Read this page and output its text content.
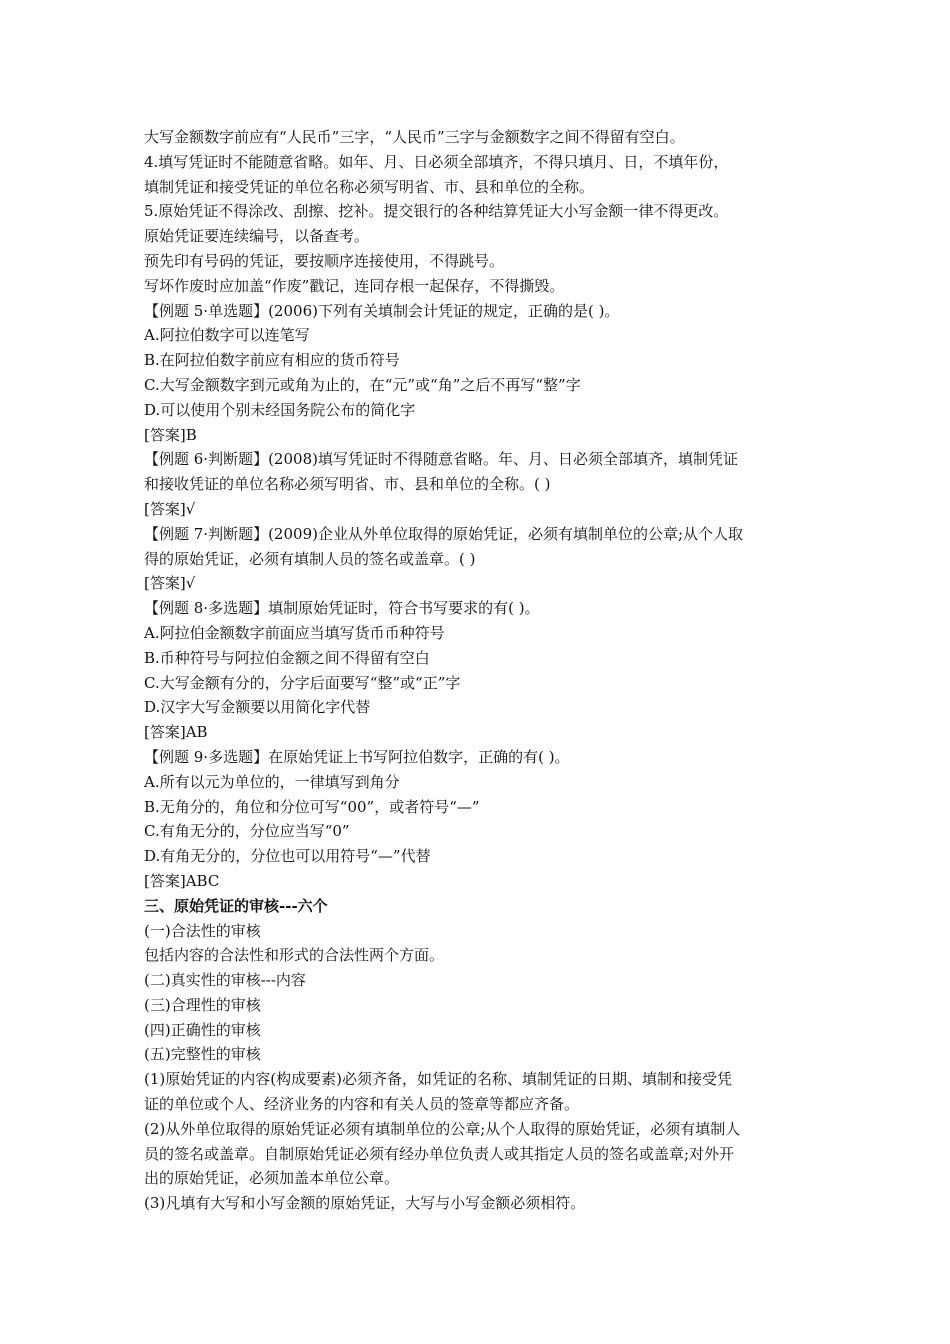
大写金额数字前应有“人民币”三字，“人民币”三字与金额数字之间不得留有空白。
4.填写凭证时不能随意省略。如年、月、日必须全部填齐，不得只填月、日，不填年份，
填制凭证和接受凭证的单位名称必须写明省、市、县和单位的全称。
5.原始凭证不得涂改、刮擦、挖补。提交银行的各种结算凭证大小写金额一律不得更改。
原始凭证要连续编号，以备查考。
预先印有号码的凭证，要按顺序连接使用，不得跳号。
写坏作废时应加盖“作废”戳记，连同存根一起保存，不得撕毁。
【例题 5·单选题】(2006)下列有关填制会计凭证的规定，正确的是( )。
A.阿拉伯数字可以连笔写
B.在阿拉伯数字前应有相应的货币符号
C.大写金额数字到元或角为止的，在“元”或“角”之后不再写“整”字
D.可以使用个别未经国务院公布的简化字
[答案]B
【例题 6·判断题】(2008)填写凭证时不得随意省略。年、月、日必须全部填齐，填制凭证
和接收凭证的单位名称必须写明省、市、县和单位的全称。( )
[答案]√
【例题 7·判断题】(2009)企业从外单位取得的原始凭证，必须有填制单位的公章;从个人取
得的原始凭证，必须有填制人员的签名或盖章。( )
[答案]√
【例题 8·多选题】填制原始凭证时，符合书写要求的有( )。
A.阿拉伯金额数字前面应当填写货币币种符号
B.币种符号与阿拉伯金额之间不得留有空白
C.大写金额有分的，分字后面要写“整”或“正”字
D.汉字大写金额要以用简化字代替
[答案]AB
【例题 9·多选题】在原始凭证上书写阿拉伯数字，正确的有( )。
A.所有以元为单位的，一律填写到角分
B.无角分的，角位和分位可写“00”，或者符号“—”
C.有角无分的，分位应当写“0”
D.有角无分的，分位也可以用符号“—”代替
[答案]ABC
三、原始凭证的审核---六个
(一)合法性的审核
包括内容的合法性和形式的合法性两个方面。
(二)真实性的审核---内容
(三)合理性的审核
(四)正确性的审核
(五)完整性的审核
(1)原始凭证的内容(构成要素)必须齐备，如凭证的名称、填制凭证的日期、填制和接受凭
证的单位或个人、经济业务的内容和有关人员的签章等都应齐备。
(2)从外单位取得的原始凭证必须有填制单位的公章;从个人取得的原始凭证，必须有填制人
员的签名或盖章。自制原始凭证必须有经办单位负责人或其指定人员的签名或盖章;对外开
出的原始凭证，必须加盖本单位公章。
(3)凡填有大写和小写金额的原始凭证，大写与小写金额必须相符。
